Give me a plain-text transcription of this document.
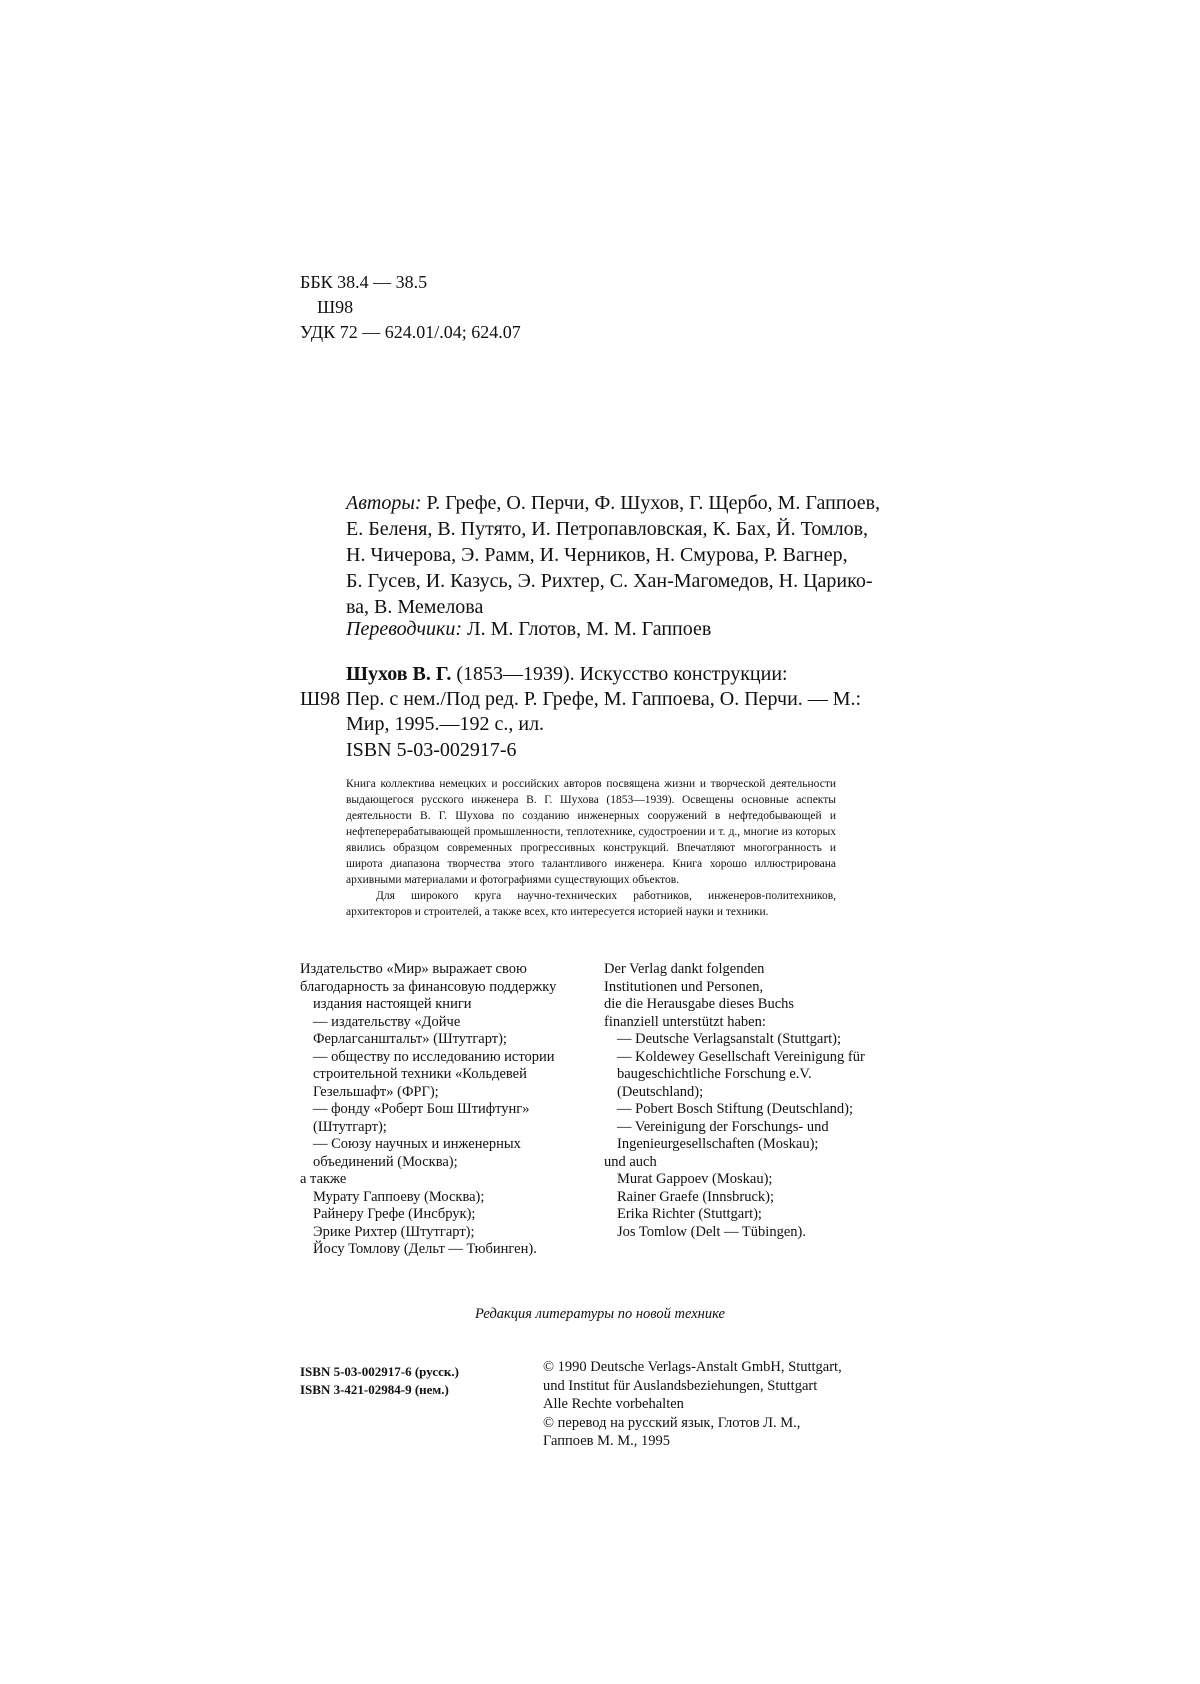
ББК 38.4 — 38.5
Ш98
УДК 72 — 624.01/.04; 624.07
Авторы: Р. Грефе, О. Перчи, Ф. Шухов, Г. Щербо, М. Гаппоев,
Е. Беленя, В. Путято, И. Петропавловская, К. Бах, Й. Томлов,
Н. Чичерова, Э. Рамм, И. Черников, Н. Смурова, Р. Вагнер,
Б. Гусев, И. Казусь, Э. Рихтер, С. Хан-Магомедов, Н. Царико-
ва, В. Мемелова
Переводчики: Л. М. Глотов, М. М. Гаппоев
Шухов В. Г. (1853—1939). Искусство конструкции:
Пер. с нем./Под ред. Р. Грефе, М. Гаппоева, О. Перчи. — М.:
Мир, 1995.—192 с., ил.
Ш98
ISBN 5-03-002917-6

Книга коллектива немецких и российских авторов посвящена жизни и творческой деятельности выдающегося русского инженера В. Г. Шухова (1853—1939). Освещены основные аспекты деятельности В. Г. Шухова по созданию инженерных сооружений в нефтедобывающей и нефтеперерабатывающей промышленности, теплотехнике, судостроении и т. д., многие из которых явились образцом современных прогрессивных конструкций. Впечатляют многогранность и широта диапазона творчества этого талантливого инженера. Книга хорошо иллюстрирована архивными материалами и фотографиями существующих объектов.

Для широкого круга научно-технических работников, инженеров-политехников, архитекторов и строителей, а также всех, кто интересуется историей науки и техники.

Издательство «Мир» выражает свою
благодарность за финансовую поддержку
издания настоящей книги
— издательству «Дойче
Ферлагсанштальт» (Штутгарт);
— обществу по исследованию истории
строительной техники «Кольдевей
Гезельшафт» (ФРГ);
— фонду «Роберт Бош Штифтунг»
(Штутгарт);
— Союзу научных и инженерных
объединений (Москва);
а также
Мурату Гаппоеву (Москва);
Райнеру Грефе (Инсбрук);
Эрике Рихтер (Штутгарт);
Йосу Томлову (Дельт — Тюбинген).
Der Verlag dankt folgenden
Institutionen und Personen,
die die Herausgabe dieses Buchs
finanziell unterstützt haben:
— Deutsche Verlagsanstalt (Stuttgart);
— Koldewey Gesellschaft Vereinigung für
baugeschichtliche Forschung e.V.
(Deutschland);
— Pobert Bosch Stiftung (Deutschland);
— Vereinigung der Forschungs- und
Ingenieurgesellschaften (Moskau);
und auch
Murat Gappoev (Moskau);
Rainer Graefe (Innsbruck);
Erika Richter (Stuttgart);
Jos Tomlow (Delt — Tübingen).
Редакция литературы по новой технике
ISBN 5-03-002917-6 (русск.)
ISBN 3-421-02984-9 (нем.)
© 1990 Deutsche Verlags-Anstalt GmbH, Stuttgart,
und Institut für Auslandsbeziehungen, Stuttgart
Alle Rechte vorbehalten
© перевод на русский язык, Глотов Л. М.,
Гаппоев М. М., 1995
